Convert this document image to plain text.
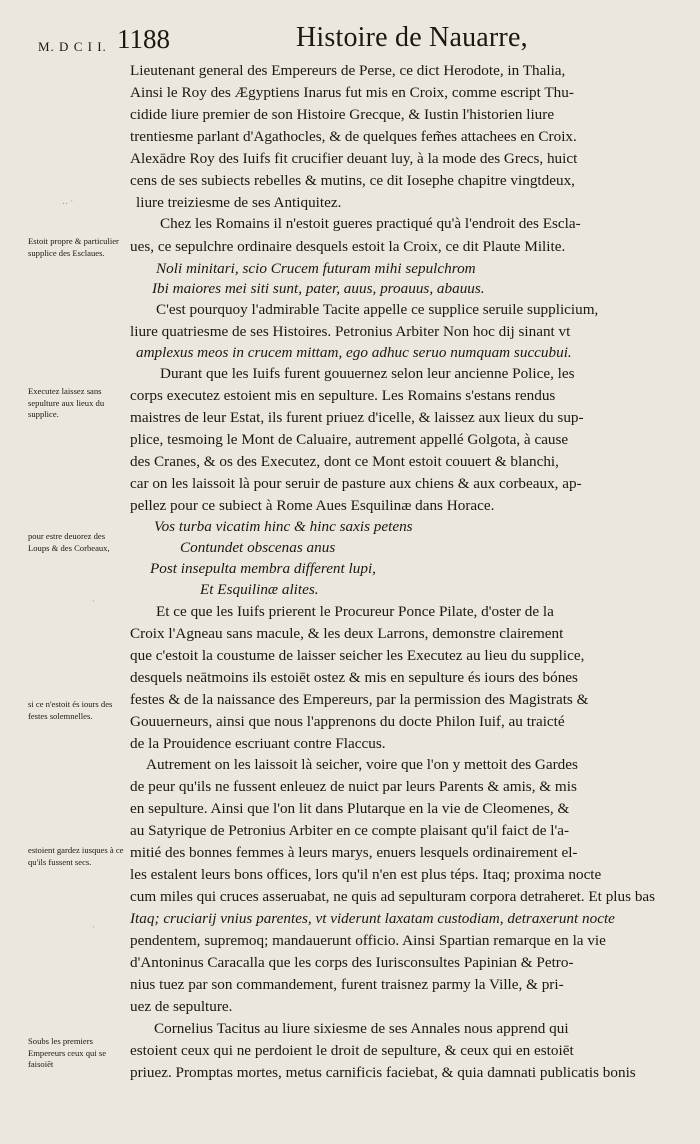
M. D C I I. 1188	Histoire de Nauarre,
Lieutenant general des Empereurs de Perse, ce dict Herodote, in Thalia,
Ainsi le Roy des Ægyptiens Inarus fut mis en Croix, comme escript Thu-
cidide liure premier de son Histoire Grecque, & Iustin l'historien liure
trentiesme parlant d'Agathocles, & de quelques fem̃es attachees en Croix.
Alexādre Roy des Iuifs fit crucifier deuant luy, à la mode des Grecs, huict
cens de ses subiects rebelles & mutins, ce dit Iosephe chapitre vingtdeux,
liure treiziesme de ses Antiquitez.
Chez les Romains il n'estoit gueres practiqué qu'à l'endroit des Escla-
ues, ce sepulchre ordinaire desquels estoit la Croix, ce dit Plaute Milite.
Noli minitari, scio Crucem futuram mihi sepulchrom
Ibi maiores mei siti sunt, pater, auus, proauus, abauus.
C'est pourquoy l'admirable Tacite appelle ce supplice seruile supplicium,
liure quatriesme de ses Histoires. Petronius Arbiter Non hoc dij sinant vt
amplexus meos in crucem mittam, ego adhuc seruo numquam succubui.
Durant que les Iuifs furent gouuernez selon leur ancienne Police, les
corps executez estoient mis en sepulture. Les Romains s'estans rendus
maistres de leur Estat, ils furent priuez d'icelle, & laissez aux lieux du sup-
plice, tesmoing le Mont de Caluaire, autrement appellé Golgota, à cause
des Cranes, & os des Executez, dont ce Mont estoit couuert & blanchi,
car on les laissoit là pour seruir de pasture aux chiens & aux corbeaux, ap-
pellez pour ce subiect à Rome Aues Esquilinæ dans Horace.
Vos turba vicatim hinc & hinc saxis petens
Contundet obscenas anus
Post insepulta membra different lupi,
Et Esquilinæ alites.
Et ce que les Iuifs prierent le Procureur Ponce Pilate, d'oster de la
Croix l'Agneau sans macule, & les deux Larrons, demonstre clairement
que c'estoit la coustume de laisser seicher les Executez au lieu du supplice,
desquels neātmoins ils estoiēt ostez & mis en sepulture és iours des bónes
festes & de la naissance des Empereurs, par la permission des Magistrats &
Gouuerneurs, ainsi que nous l'apprenons du docte Philon Iuif, au traicté
de la Prouidence escriuant contre Flaccus.
Autrement on les laissoit là seicher, voire que l'on y mettoit des Gardes
de peur qu'ils ne fussent enleuez de nuict par leurs Parents & amis, & mis
en sepulture. Ainsi que l'on lit dans Plutarque en la vie de Cleomenes, &
au Satyrique de Petronius Arbiter en ce compte plaisant qu'il faict de l'a-
mitié des bonnes femmes à leurs marys, enuers lesquels ordinairement el-
les estalent leurs bons offices, lors qu'il n'en est plus téps. Itaq; proxima nocte
cum miles qui cruces asseruabat, ne quis ad sepulturam corpora detraheret. Et plus bas
Itaq; cruciarij vnius parentes, vt viderunt laxatam custodiam, detraxerunt nocte
pendentem, supremoq; mandauerunt officio. Ainsi Spartian remarque en la vie
d'Antoninus Caracalla que les corps des Iurisconsultes Papinian & Petro-
nius tuez par son commandement, furent traisnez parmy la Ville, & pri-
uez de sepulture.
Cornelius Tacitus au liure sixiesme de ses Annales nous apprend qui
estoient ceux qui ne perdoient le droit de sepulture, & ceux qui en estoiēt
priuez. Promptas mortes, metus carnificis faciebat, & quia damnati publicatis bonis
Estoit propre & particulier supplice des Esclaues.
Executez laissez sans sepulture aux lieux du supplice.
pour estre deuorez des Loups & des Corbeaux,
si ce n'estoit és iours des festes solemnelles.
estoient gardez iusques à ce qu'ils fussent secs.
Soubs les premiers Empereurs ceux qui se faisoiēt
‥ ·
·
·
